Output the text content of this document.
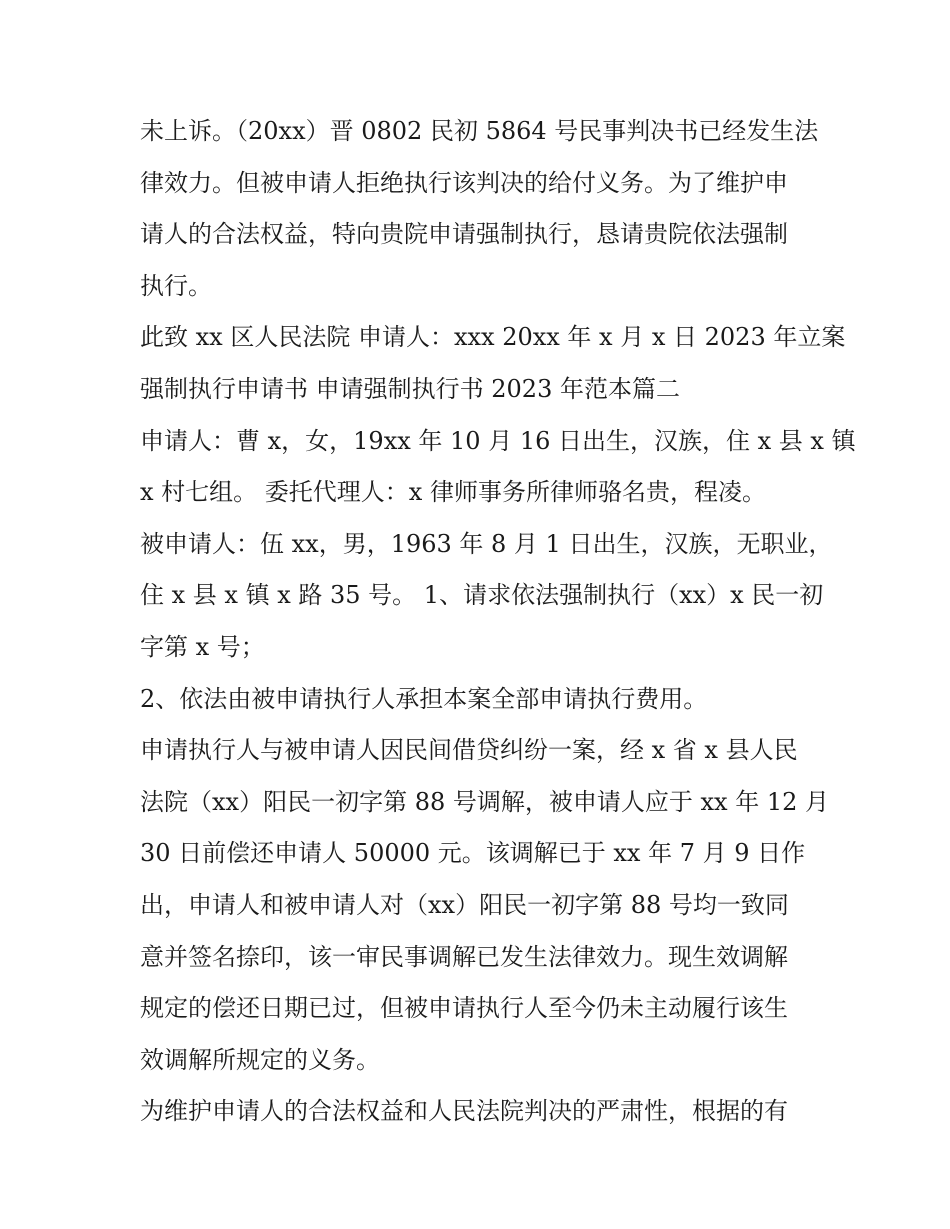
未上诉。（20xx）晋 0802 民初 5864 号民事判决书已经发生法
律效力。但被申请人拒绝执行该判决的给付义务。为了维护申
请人的合法权益，特向贵院申请强制执行，恳请贵院依法强制
执行。

此致 xx 区人民法院 申请人：xxx 20xx 年 x 月 x 日 2023 年立案
强制执行申请书 申请强制执行书 2023 年范本篇二

申请人：曹 x，女，19xx 年 10 月 16 日出生，汉族，住 x 县 x 镇
x 村七组。 委托代理人：x 律师事务所律师骆名贵，程凌。

被申请人：伍 xx，男，1963 年 8 月 1 日出生，汉族，无职业，
住 x 县 x 镇 x 路 35 号。 1、请求依法强制执行（xx）x 民一初
字第 x 号；

2、依法由被申请执行人承担本案全部申请执行费用。

申请执行人与被申请人因民间借贷纠纷一案，经 x 省 x 县人民
法院（xx）阳民一初字第 88 号调解，被申请人应于 xx 年 12 月
30 日前偿还申请人 50000 元。该调解已于 xx 年 7 月 9 日作
出，申请人和被申请人对（xx）阳民一初字第 88 号均一致同
意并签名捺印，该一审民事调解已发生法律效力。现生效调解
规定的偿还日期已过，但被申请执行人至今仍未主动履行该生
效调解所规定的义务。

为维护申请人的合法权益和人民法院判决的严肃性，根据的有
